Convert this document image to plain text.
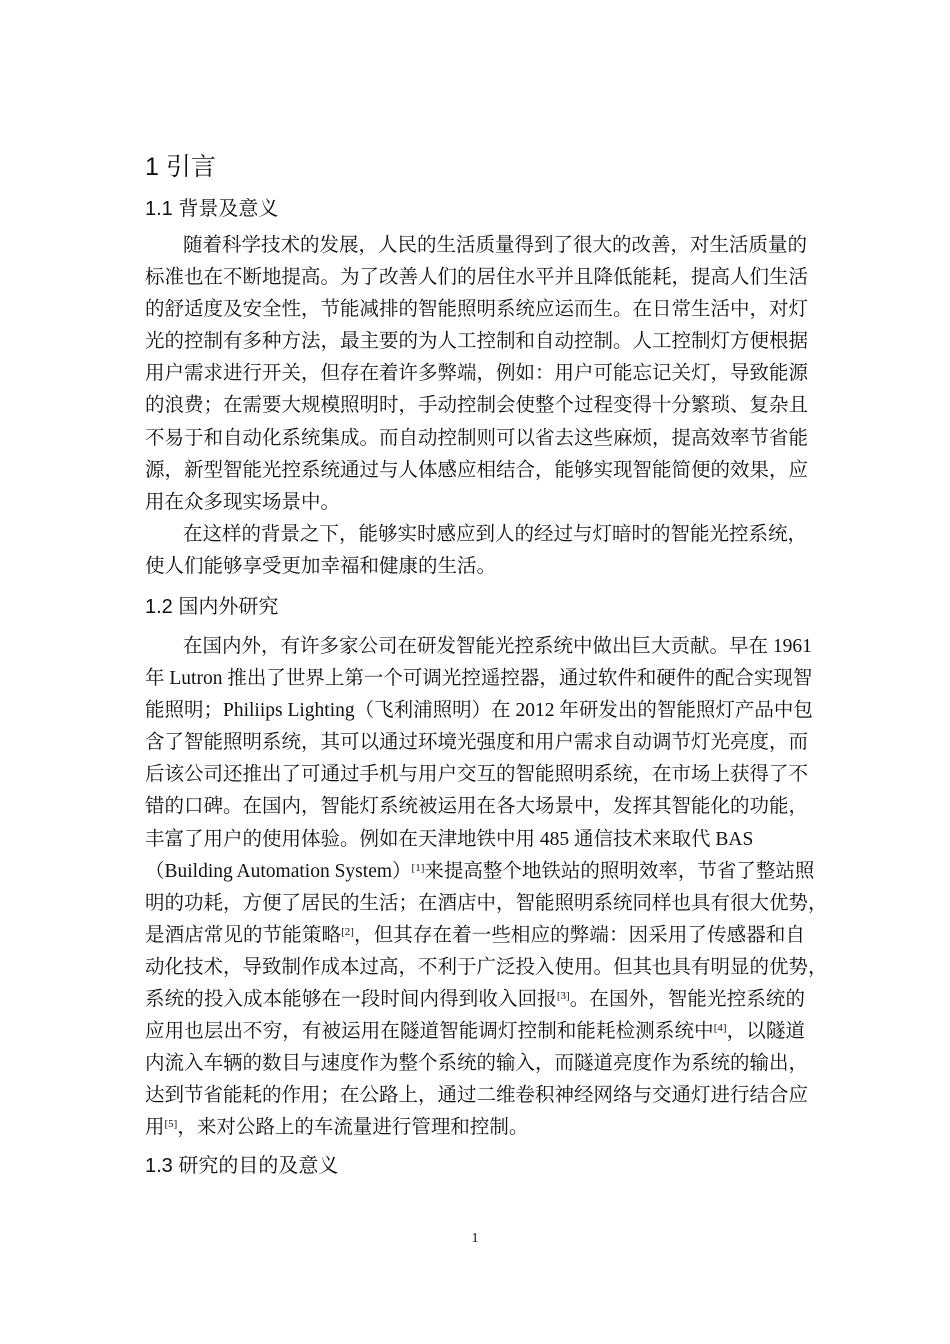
1 引言
1.1 背景及意义
随着科学技术的发展，人民的生活质量得到了很大的改善，对生活质量的
标准也在不断地提高。为了改善人们的居住水平并且降低能耗，提高人们生活
的舒适度及安全性，节能减排的智能照明系统应运而生。在日常生活中，对灯
光的控制有多种方法，最主要的为人工控制和自动控制。人工控制灯方便根据
用户需求进行开关，但存在着许多弊端，例如：用户可能忘记关灯，导致能源
的浪费；在需要大规模照明时，手动控制会使整个过程变得十分繁琐、复杂且
不易于和自动化系统集成。而自动控制则可以省去这些麻烦，提高效率节省能
源，新型智能光控系统通过与人体感应相结合，能够实现智能简便的效果，应
用在众多现实场景中。
在这样的背景之下，能够实时感应到人的经过与灯暗时的智能光控系统，
使人们能够享受更加幸福和健康的生活。
1.2 国内外研究
在国内外，有许多家公司在研发智能光控系统中做出巨大贡献。早在 1961
年 Lutron 推出了世界上第一个可调光控遥控器，通过软件和硬件的配合实现智
能照明；Philiips Lighting（飞利浦照明）在 2012 年研发出的智能照灯产品中包
含了智能照明系统，其可以通过环境光强度和用户需求自动调节灯光亮度，而
后该公司还推出了可通过手机与用户交互的智能照明系统，在市场上获得了不
错的口碑。在国内，智能灯系统被运用在各大场景中，发挥其智能化的功能，
丰富了用户的使用体验。例如在天津地铁中用 485 通信技术来取代 BAS
（Building Automation System）[1]来提高整个地铁站的照明效率，节省了整站照
明的功耗，方便了居民的生活；在酒店中，智能照明系统同样也具有很大优势，
是酒店常见的节能策略[2]，但其存在着一些相应的弊端：因采用了传感器和自
动化技术，导致制作成本过高，不利于广泛投入使用。但其也具有明显的优势，
系统的投入成本能够在一段时间内得到收入回报[3]。在国外，智能光控系统的
应用也层出不穷，有被运用在隧道智能调灯控制和能耗检测系统中[4]，以隧道
内流入车辆的数目与速度作为整个系统的输入，而隧道亮度作为系统的输出，
达到节省能耗的作用；在公路上，通过二维卷积神经网络与交通灯进行结合应
用[5]，来对公路上的车流量进行管理和控制。
1.3 研究的目的及意义
1
